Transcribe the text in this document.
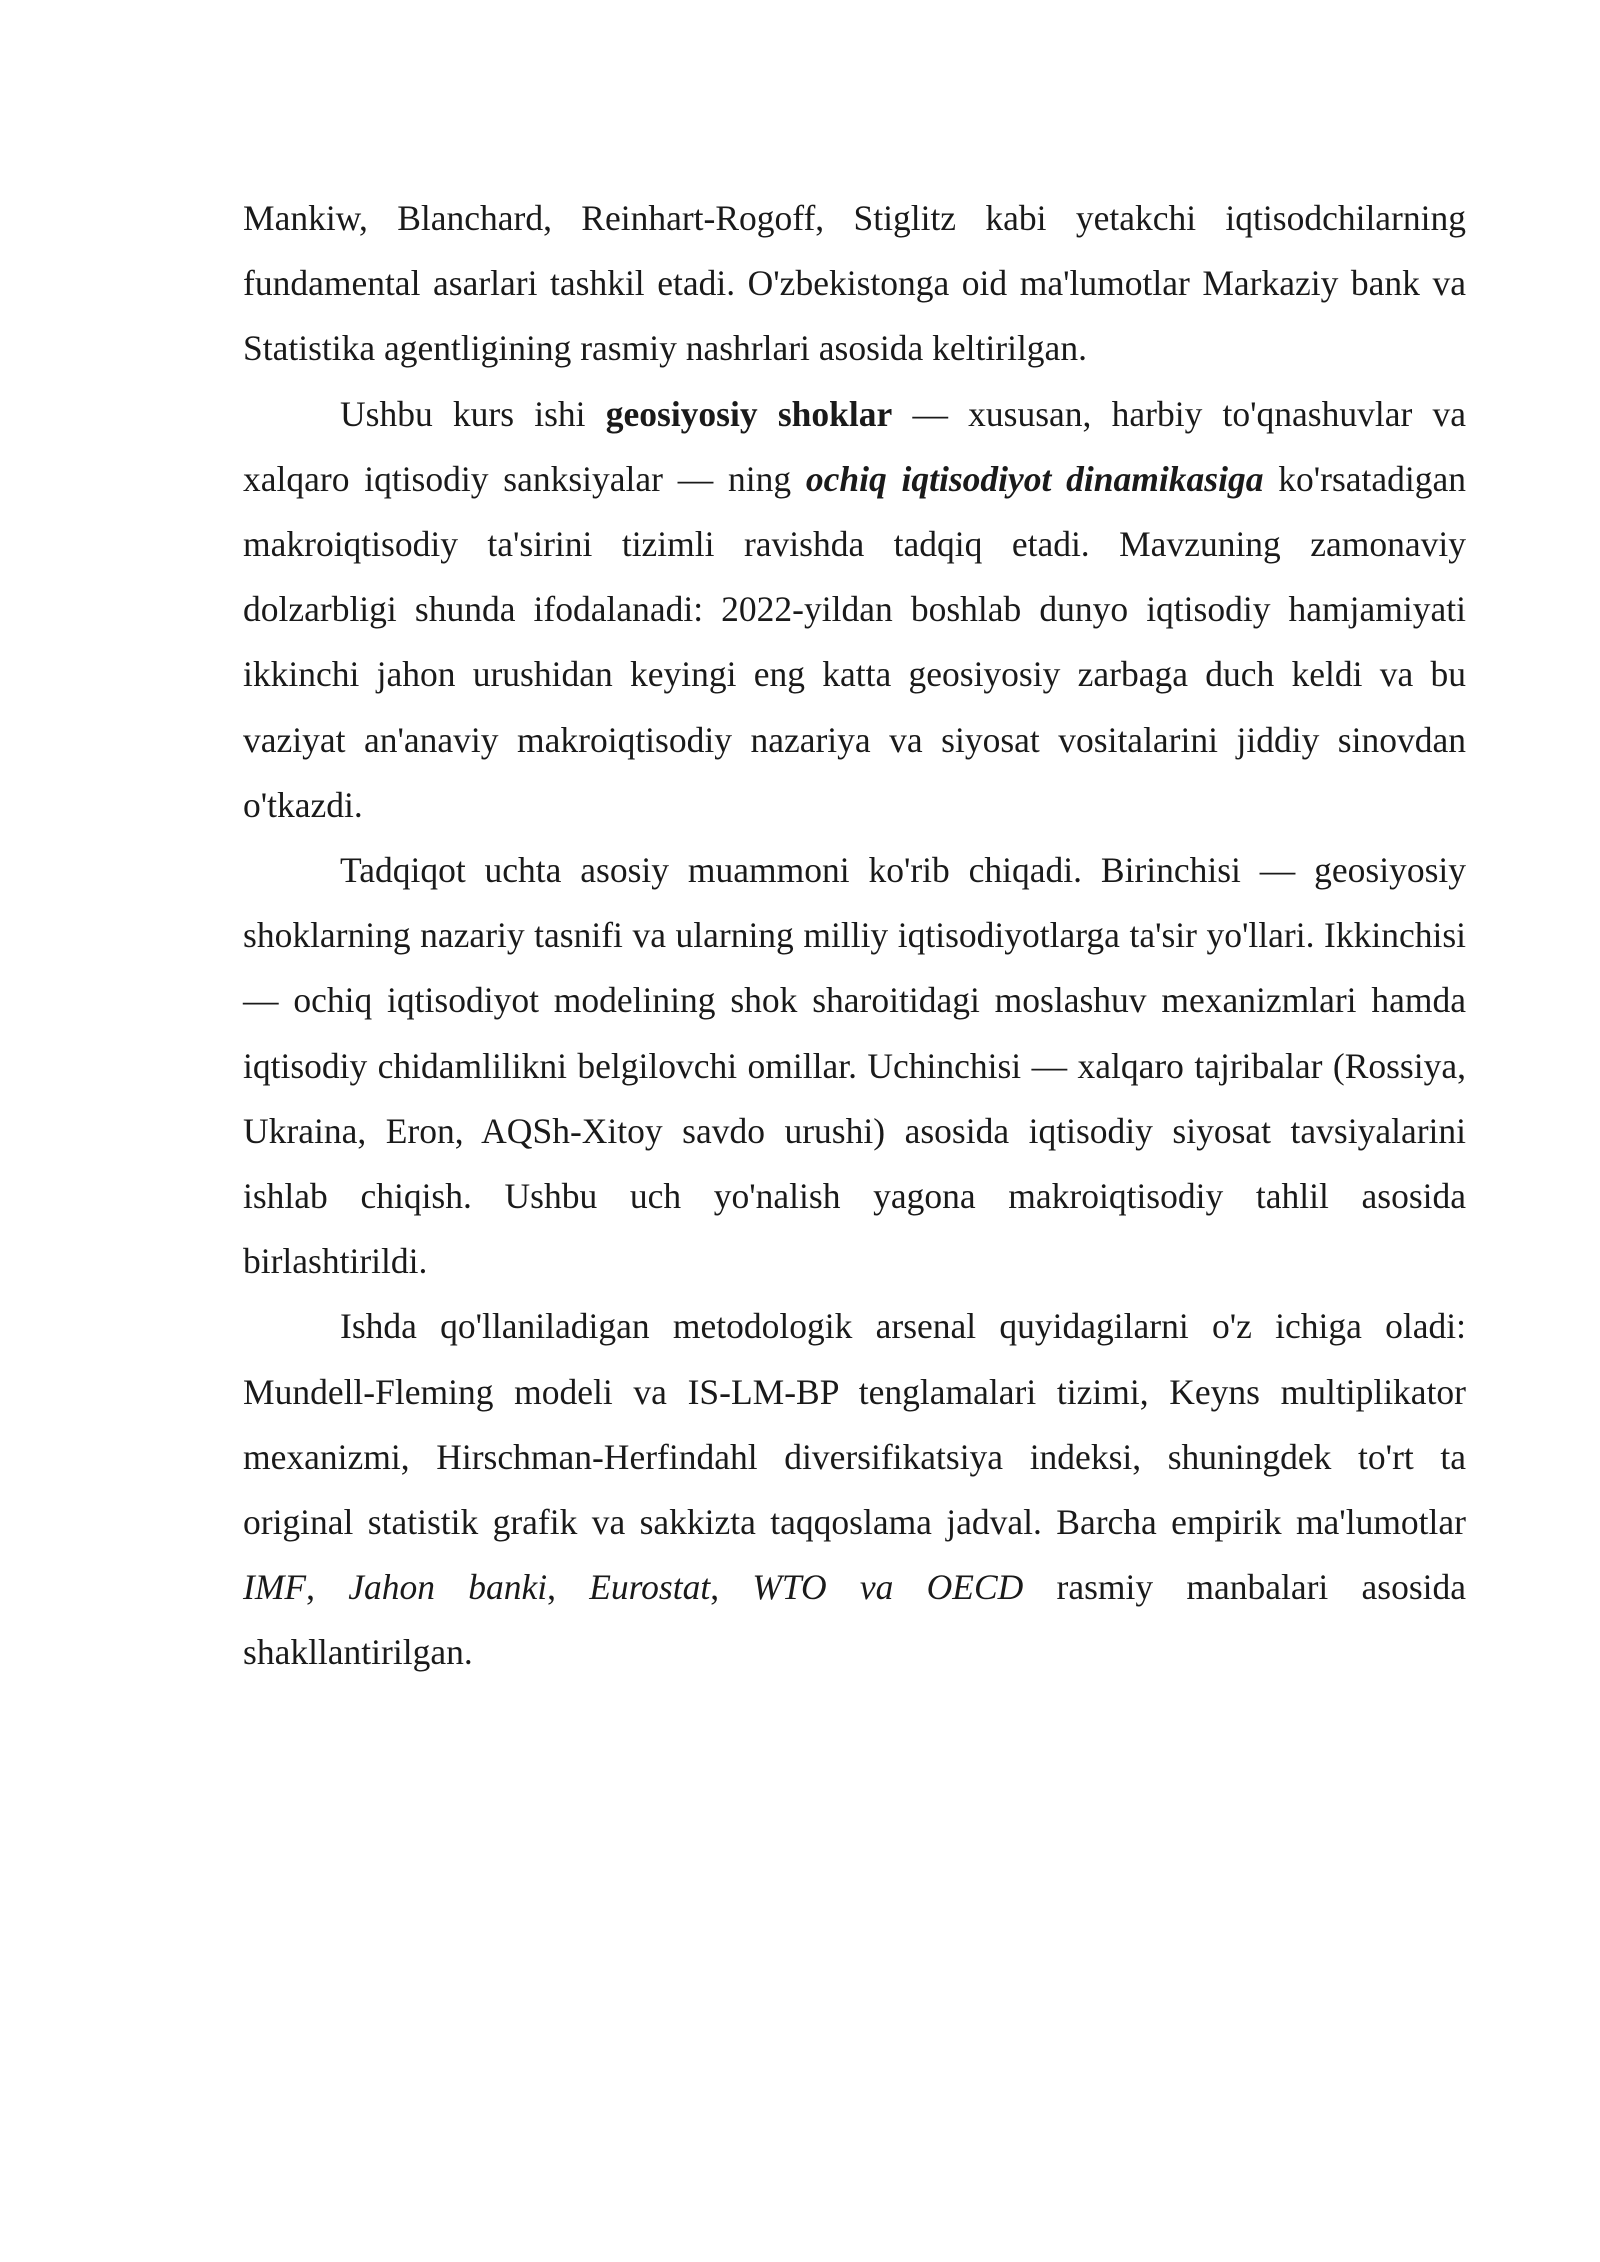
Mankiw, Blanchard, Reinhart-Rogoff, Stiglitz kabi yetakchi iqtisodchilarning fundamental asarlari tashkil etadi. O'zbekistonga oid ma'lumotlar Markaziy bank va Statistika agentligining rasmiy nashrlari asosida keltirilgan.

Ushbu kurs ishi geosiyosiy shoklar — xususan, harbiy to'qnashuvlar va xalqaro iqtisodiy sanksiyalar — ning ochiq iqtisodiyot dinamikasiga ko'rsatadigan makroiqtisodiy ta'sirini tizimli ravishda tadqiq etadi. Mavzuning zamonaviy dolzarbligi shunda ifodalanadi: 2022-yildan boshlab dunyo iqtisodiy hamjamiyati ikkinchi jahon urushidan keyingi eng katta geosiyosiy zarbaga duch keldi va bu vaziyat an'anaviy makroiqtisodiy nazariya va siyosat vositalarini jiddiy sinovdan o'tkazdi.

Tadqiqot uchta asosiy muammoni ko'rib chiqadi. Birinchisi — geosiyosiy shoklarning nazariy tasnifi va ularning milliy iqtisodiyotlarga ta'sir yo'llari. Ikkinchisi — ochiq iqtisodiyot modelining shok sharoitidagi moslashuv mexanizmlari hamda iqtisodiy chidamlilikni belgilovchi omillar. Uchinchisi — xalqaro tajribalar (Rossiya, Ukraina, Eron, AQSh-Xitoy savdo urushi) asosida iqtisodiy siyosat tavsiyalarini ishlab chiqish. Ushbu uch yo'nalish yagona makroiqtisodiy tahlil asosida birlashtirildi.

Ishda qo'llaniladigan metodologik arsenal quyidagilarni o'z ichiga oladi: Mundell-Fleming modeli va IS-LM-BP tenglamalari tizimi, Keyns multiplikator mexanizmi, Hirschman-Herfindahl diversifikatsiya indeksi, shuningdek to'rt ta original statistik grafik va sakkizta taqqoslama jadval. Barcha empirik ma'lumotlar IMF, Jahon banki, Eurostat, WTO va OECD rasmiy manbalari asosida shakllantirilgan.
